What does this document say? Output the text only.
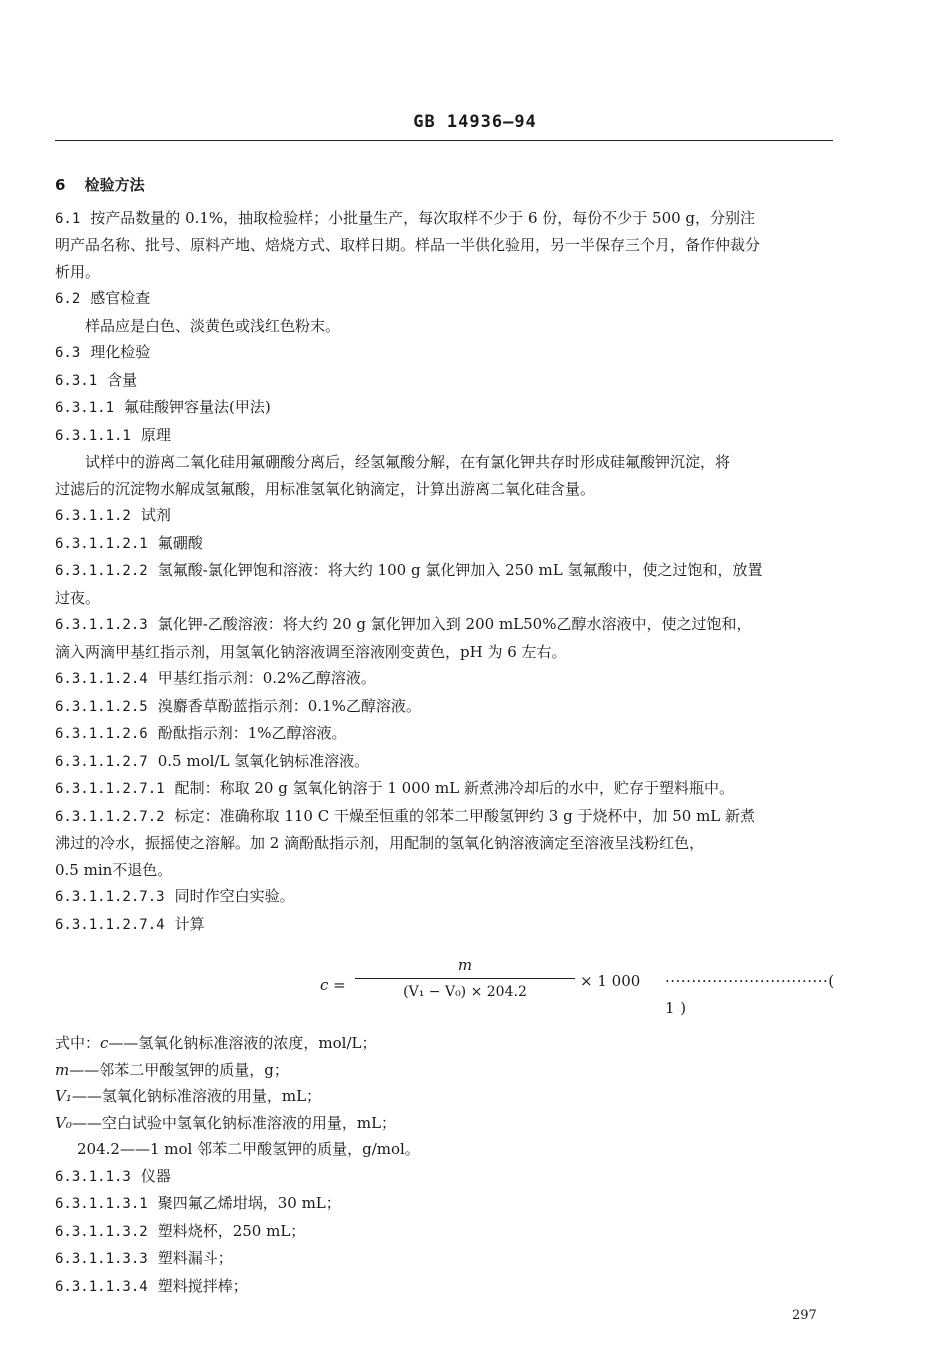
GB 14936—94
6 检验方法
6.1 按产品数量的 0.1%，抽取检验样；小批量生产，每次取样不少于 6 份，每份不少于 500 g，分别注
明产品名称、批号、原料产地、焙烧方式、取样日期。样品一半供化验用，另一半保存三个月，备作仲裁分
析用。
6.2 感官检查
样品应是白色、淡黄色或浅红色粉末。
6.3 理化检验
6.3.1 含量
6.3.1.1 氟硅酸钾容量法(甲法)
6.3.1.1.1 原理
试样中的游离二氧化硅用氟硼酸分离后，经氢氟酸分解，在有氯化钾共存时形成硅氟酸钾沉淀，将
过滤后的沉淀物水解成氢氟酸，用标准氢氧化钠滴定，计算出游离二氧化硅含量。
6.3.1.1.2 试剂
6.3.1.1.2.1 氟硼酸
6.3.1.1.2.2 氢氟酸-氯化钾饱和溶液：将大约 100 g 氯化钾加入 250 mL 氢氟酸中，使之过饱和，放置
过夜。
6.3.1.1.2.3 氯化钾-乙酸溶液：将大约 20 g 氯化钾加入到 200 mL50%乙醇水溶液中，使之过饱和，
滴入两滴甲基红指示剂，用氢氧化钠溶液调至溶液刚变黄色，pH 为 6 左右。
6.3.1.1.2.4 甲基红指示剂：0.2%乙醇溶液。
6.3.1.1.2.5 溴麝香草酚蓝指示剂：0.1%乙醇溶液。
6.3.1.1.2.6 酚酞指示剂：1%乙醇溶液。
6.3.1.1.2.7 0.5 mol/L 氢氧化钠标准溶液。
6.3.1.1.2.7.1 配制：称取 20 g 氢氧化钠溶于 1 000 mL 新煮沸冷却后的水中，贮存于塑料瓶中。
6.3.1.1.2.7.2 标定：准确称取 110 C 干燥至恒重的邻苯二甲酸氢钾约 3 g 于烧杯中，加 50 mL 新煮
沸过的冷水，振摇使之溶解。加 2 滴酚酞指示剂，用配制的氢氧化钠溶液滴定至溶液呈浅粉红色，
0.5 min不退色。
6.3.1.1.2.7.3 同时作空白实验。
6.3.1.1.2.7.4 计算
c =
m
(V₁ − V₀) × 204.2
× 1 000 ·······························( 1 )
式中：c——氢氧化钠标准溶液的浓度，mol/L；
m——邻苯二甲酸氢钾的质量，g；
V₁——氢氧化钠标准溶液的用量，mL；
V₀——空白试验中氢氧化钠标准溶液的用量，mL；
204.2——1 mol 邻苯二甲酸氢钾的质量，g/mol。
6.3.1.1.3 仪器
6.3.1.1.3.1 聚四氟乙烯坩埚，30 mL；
6.3.1.1.3.2 塑料烧杯，250 mL；
6.3.1.1.3.3 塑料漏斗；
6.3.1.1.3.4 塑料搅拌棒；
297
